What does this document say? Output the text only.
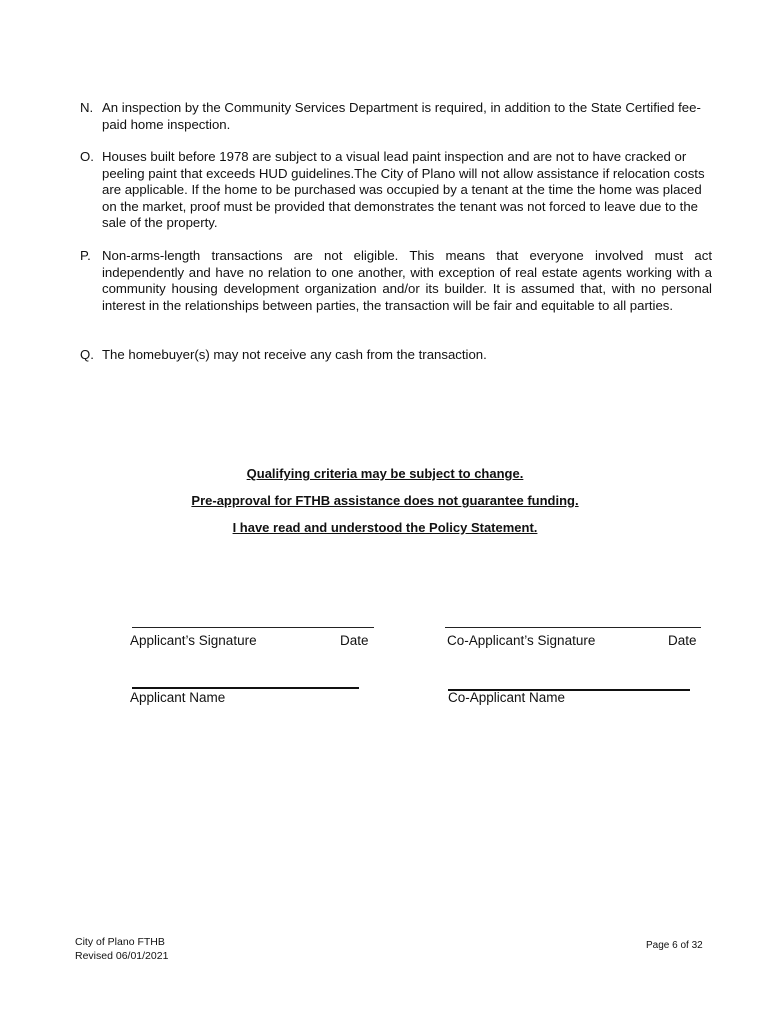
N. An inspection by the Community Services Department is required, in addition to the State Certified fee-paid home inspection.
O. Houses built before 1978 are subject to a visual lead paint inspection and are not to have cracked or peeling paint that exceeds HUD guidelines.The City of Plano will not allow assistance if relocation costs are applicable. If the home to be purchased was occupied by a tenant at the time the home was placed on the market, proof must be provided that demonstrates the tenant was not forced to leave due to the sale of the property.
P. Non-arms-length transactions are not eligible. This means that everyone involved must act independently and have no relation to one another, with exception of real estate agents working with a community housing development organization and/or its builder. It is assumed that, with no personal interest in the relationships between parties, the transaction will be fair and equitable to all parties.
Q. The homebuyer(s) may not receive any cash from the transaction.
Qualifying criteria may be subject to change.
Pre-approval for FTHB assistance does not guarantee funding.
I have read and understood the Policy Statement.
Applicant’s Signature	Date	Co-Applicant’s Signature	Date
Applicant Name	Co-Applicant Name
City of Plano FTHB
Revised 06/01/2021
Page 6 of 32
